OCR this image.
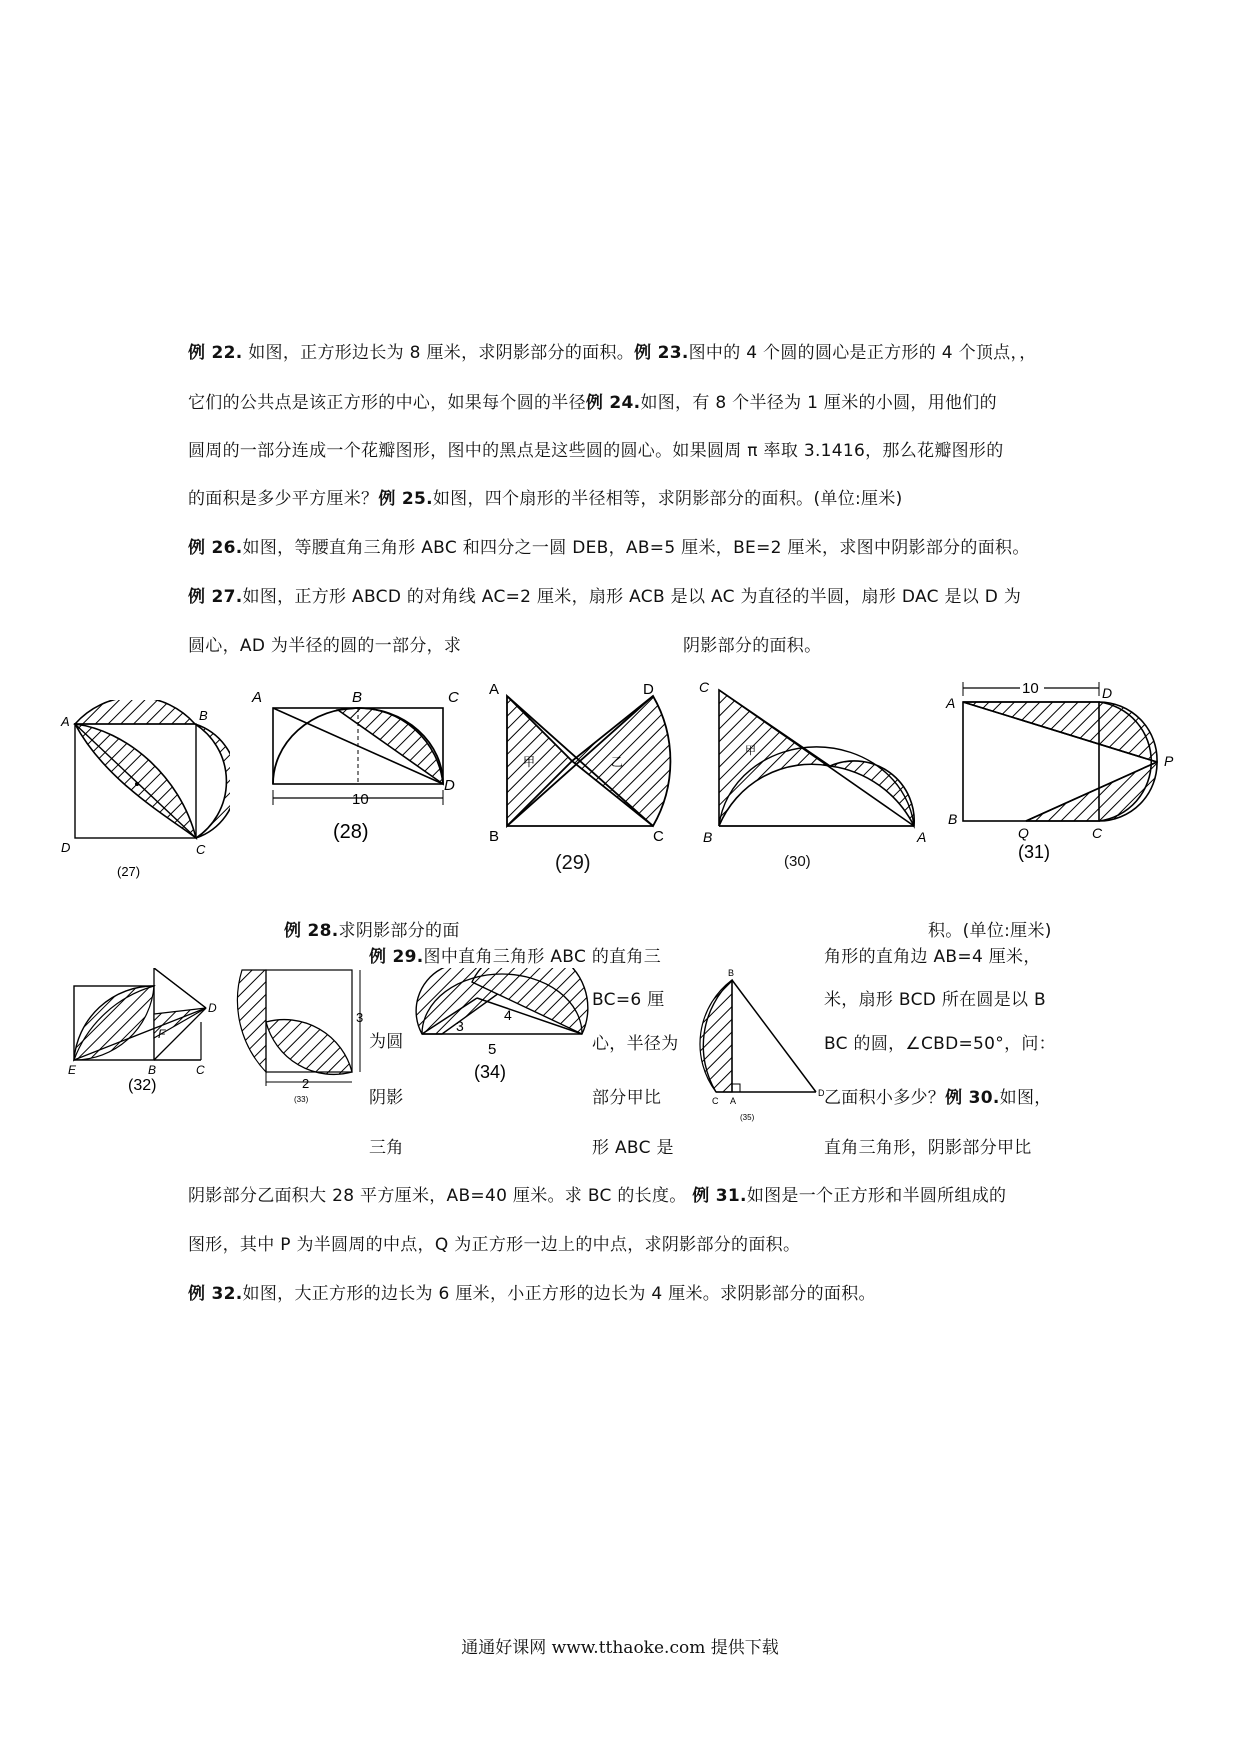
例 22. 如图，正方形边长为 8 厘米，求阴影部分的面积。例 23.图中的 4 个圆的圆心是正方形的 4 个顶点，，
它们的公共点是该正方形的中心，如果每个圆的半径例 24.如图，有 8 个半径为 1 厘米的小圆，用他们的
圆周的一部分连成一个花瓣图形，图中的黑点是这些圆的圆心。如果圆周 π 率取 3.1416，那么花瓣图形的
的面积是多少平方厘米？例 25.如图，四个扇形的半径相等，求阴影部分的面积。(单位:厘米)
例 26.如图，等腰直角三角形 ABC 和四分之一圆 DEB，AB=5 厘米，BE=2 厘米，求图中阴影部分的面积。
例 27.如图，正方形 ABCD 的对角线 AC=2 厘米，扇形 ACB 是以 AC 为直径的半圆，扇形 DAC 是以 D 为
圆心，AD 为半径的圆的一部分，求	阴影部分的面积。
A	B
C
D
(27)
10
A	B	C
D
(28)
甲	乙
A
B	C
D
(29)
甲
C
B	A
(30)
10
A
D
P
B
Q	C
(31)
例 28.求阴影部分的面	积。(单位:厘米)
例 29.图中直角三角形 ABC 的直角三	角形的直角边 AB=4 厘米，
D
F
E	B	C
(32)
3
2
(33)
为圆
阴影
三角
3
4
5
(34)
BC=6 厘
心，半径为
部分甲比
形 ABC 是
B
C A
D
(35)
米，扇形 BCD 所在圆是以 B
BC 的圆，∠CBD=50°，问：
乙面积小多少？例 30.如图，
直角三角形，阴影部分甲比
阴影部分乙面积大 28 平方厘米，AB=40 厘米。求 BC 的长度。 例 31.如图是一个正方形和半圆所组成的
图形，其中 P 为半圆周的中点，Q 为正方形一边上的中点，求阴影部分的面积。
例 32.如图，大正方形的边长为 6 厘米，小正方形的边长为 4 厘米。求阴影部分的面积。
通通好课网 www.tthaoke.com 提供下载
